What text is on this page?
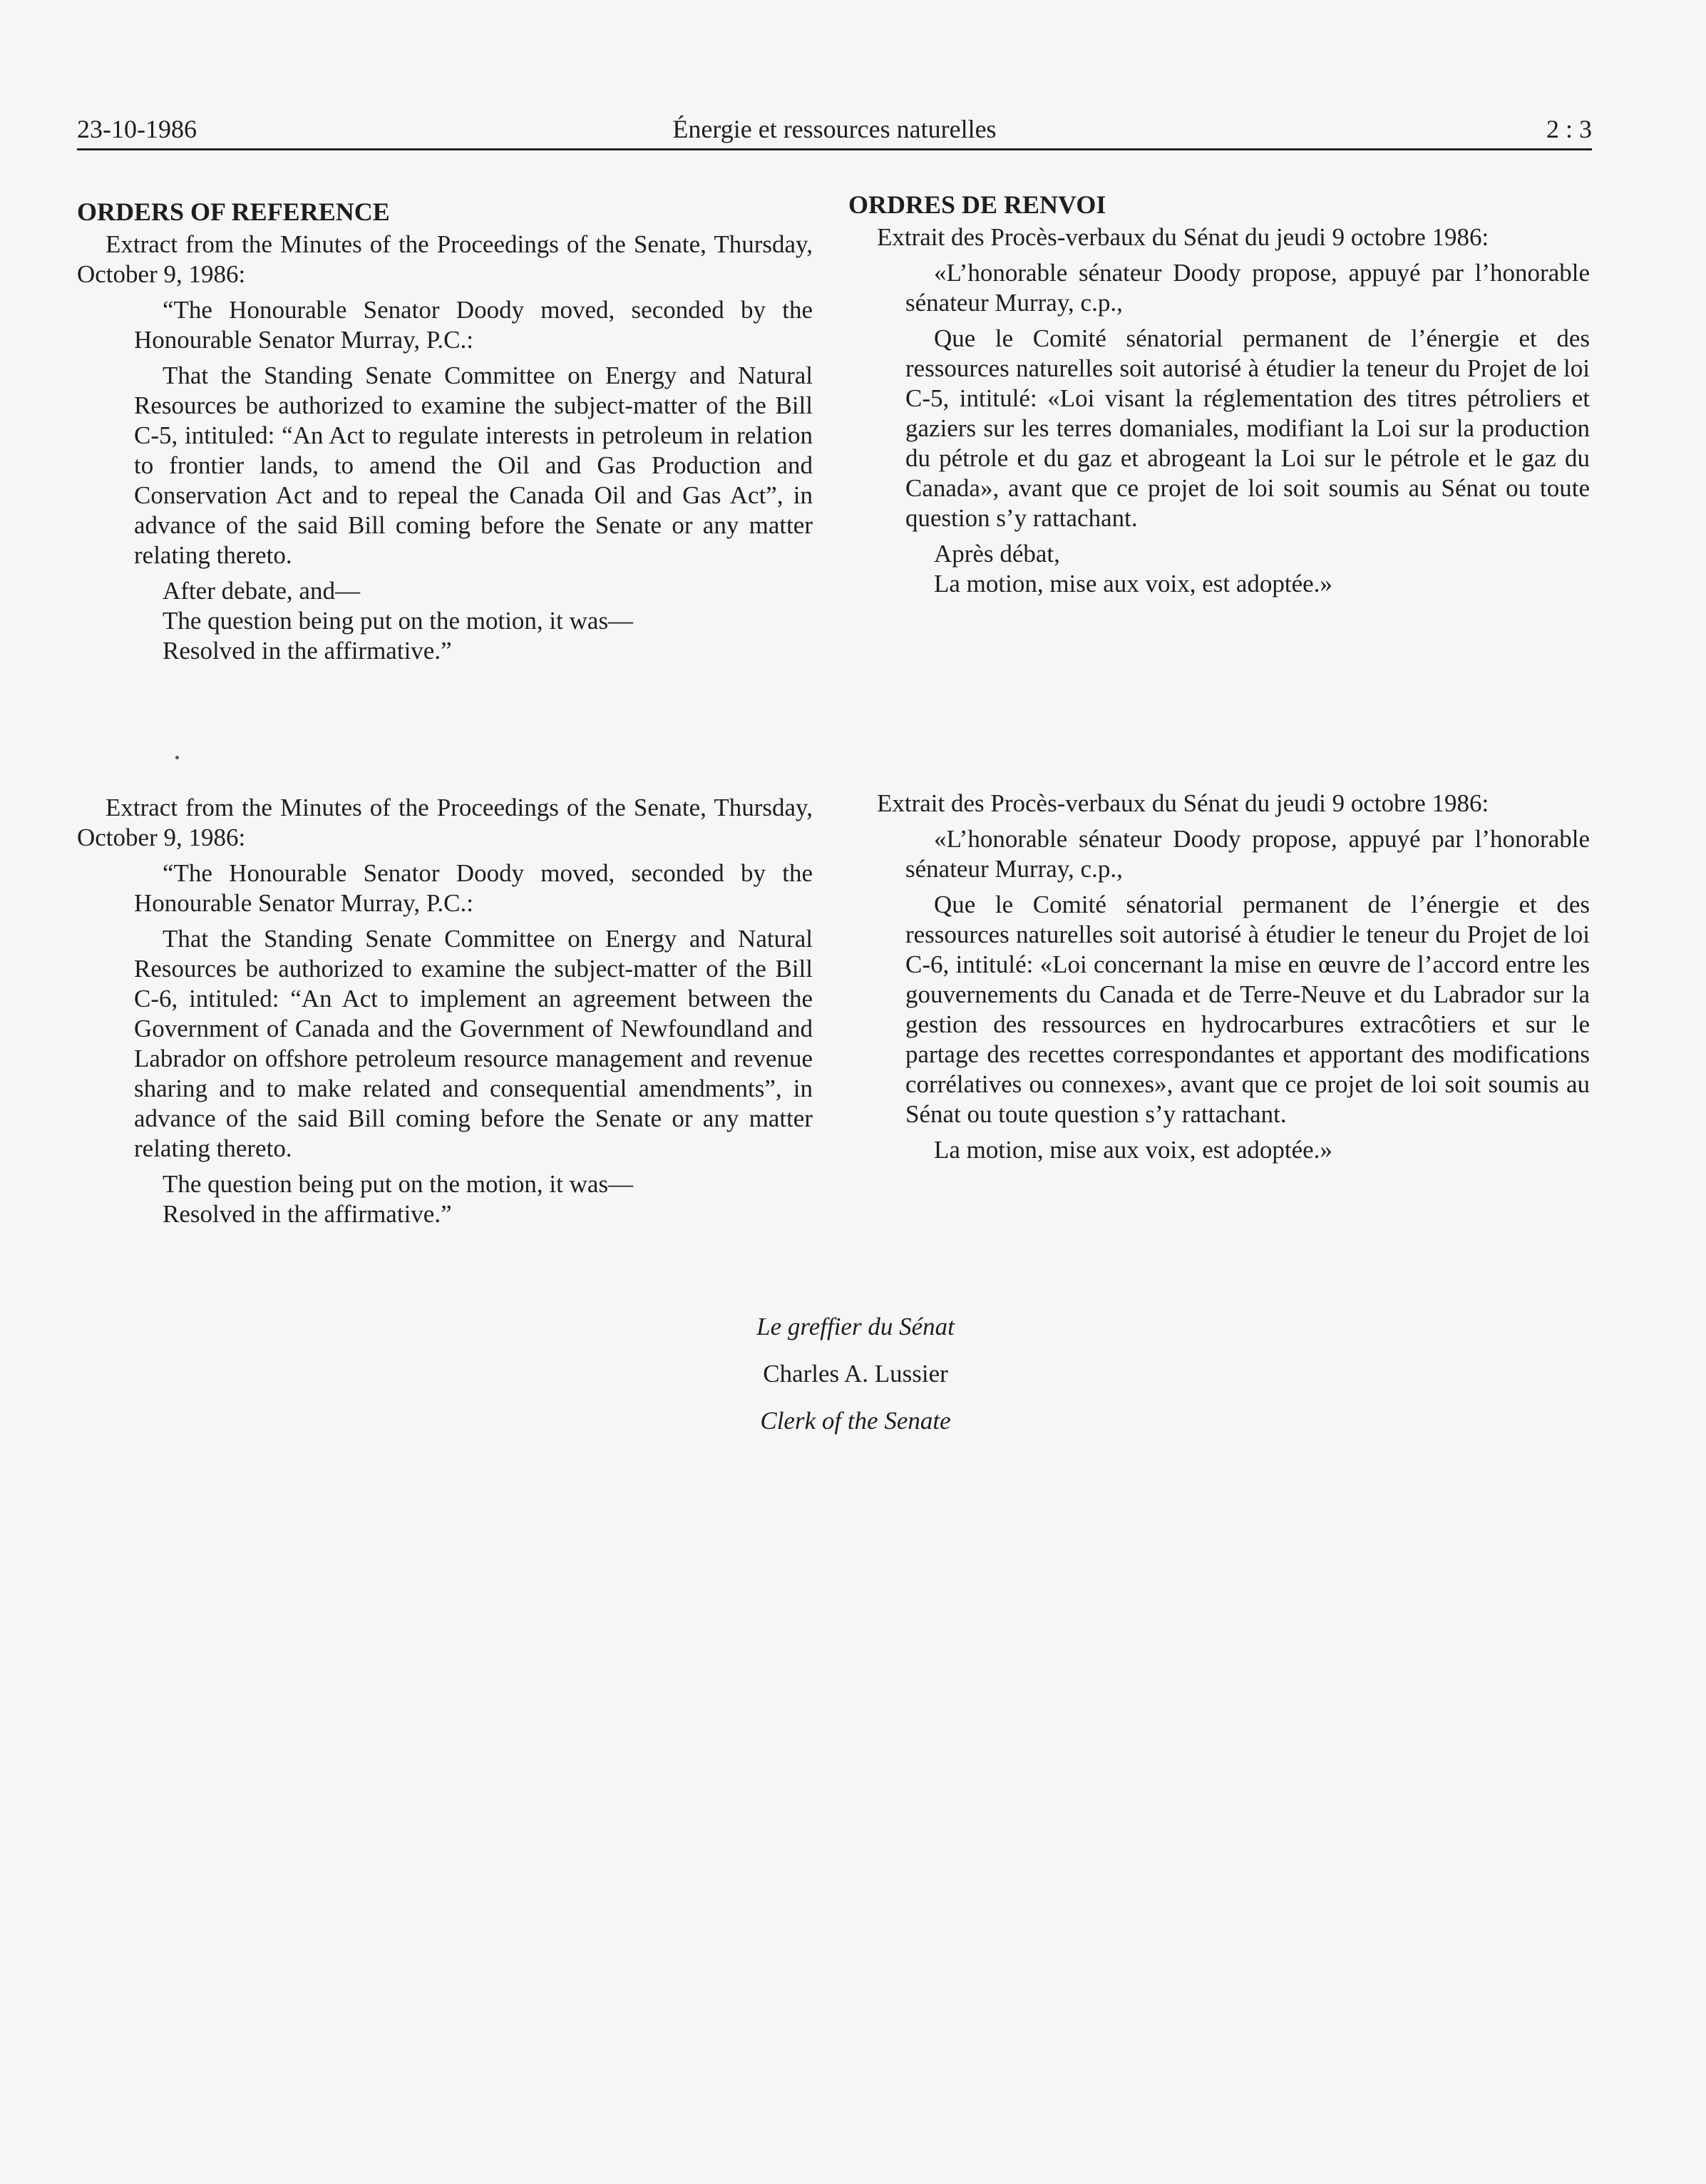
23-10-1986	Énergie et ressources naturelles	2 : 3

ORDERS OF REFERENCE

Extract from the Minutes of the Proceedings of the Senate, Thursday, October 9, 1986:

“The Honourable Senator Doody moved, seconded by the Honourable Senator Murray, P.C.:

That the Standing Senate Committee on Energy and Natural Resources be authorized to examine the subject-matter of the Bill C-5, intituled: “An Act to regulate interests in petroleum in relation to frontier lands, to amend the Oil and Gas Production and Conservation Act and to repeal the Canada Oil and Gas Act”, in advance of the said Bill coming before the Senate or any matter relating thereto.

After debate, and—

The question being put on the motion, it was—

Resolved in the affirmative.”

ORDRES DE RENVOI

Extrait des Procès-verbaux du Sénat du jeudi 9 octobre 1986:

«L’honorable sénateur Doody propose, appuyé par l’honorable sénateur Murray, c.p.,

Que le Comité sénatorial permanent de l’énergie et des ressources naturelles soit autorisé à étudier la teneur du Projet de loi C-5, intitulé: «Loi visant la réglementation des titres pétroliers et gaziers sur les terres domaniales, modifiant la Loi sur la production du pétrole et du gaz et abrogeant la Loi sur le pétrole et le gaz du Canada», avant que ce projet de loi soit soumis au Sénat ou toute question s’y rattachant.

Après débat,

La motion, mise aux voix, est adoptée.»

Extract from the Minutes of the Proceedings of the Senate, Thursday, October 9, 1986:

“The Honourable Senator Doody moved, seconded by the Honourable Senator Murray, P.C.:

That the Standing Senate Committee on Energy and Natural Resources be authorized to examine the subject-matter of the Bill C-6, intituled: “An Act to implement an agreement between the Government of Canada and the Government of Newfoundland and Labrador on offshore petroleum resource management and revenue sharing and to make related and consequential amendments”, in advance of the said Bill coming before the Senate or any matter relating thereto.

The question being put on the motion, it was—

Resolved in the affirmative.”

Extrait des Procès-verbaux du Sénat du jeudi 9 octobre 1986:

«L’honorable sénateur Doody propose, appuyé par l’honorable sénateur Murray, c.p.,

Que le Comité sénatorial permanent de l’énergie et des ressources naturelles soit autorisé à étudier le teneur du Projet de loi C-6, intitulé: «Loi concernant la mise en œuvre de l’accord entre les gouvernements du Canada et de Terre-Neuve et du Labrador sur la gestion des ressources en hydrocarbures extracôtiers et sur le partage des recettes correspondantes et apportant des modifications corrélatives ou connexes», avant que ce projet de loi soit soumis au Sénat ou toute question s’y rattachant.

La motion, mise aux voix, est adoptée.»

Le greffier du Sénat

Charles A. Lussier

Clerk of the Senate
